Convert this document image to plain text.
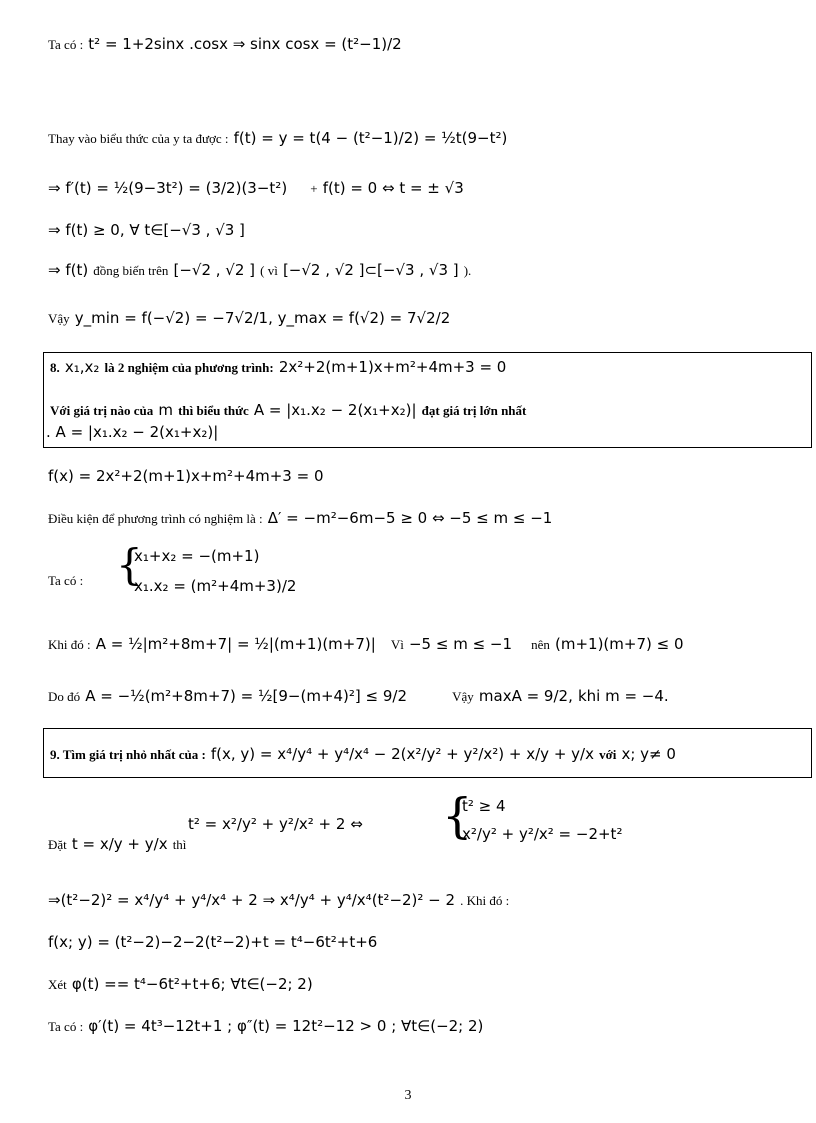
Ta có : t² = 1+2sinx .cosx ⇒ sinx cosx = (t²−1)/2
Thay vào biểu thức của y ta được : f(t) = y = t(4 − (t²−1)/2) = ½t(9−t²)
⇒ f′(t) = ½(9−3t²) = (3/2)(3−t²) + f(t) = 0 ⇔ t = ± √3
⇒ f(t) ≥ 0, ∀ t∈[−√3 , √3 ]
⇒ f(t) đồng biến trên [−√2 , √2 ] ( vì [−√2 , √2 ]⊂[−√3 , √3 ] ).
Vậy y_min = f(−√2) = −7√2/1, y_max = f(√2) = 7√2/2
8. x₁,x₂ là 2 nghiệm của phương trình: 2x²+2(m+1)x+m²+4m+3 = 0
Với giá trị nào của m thì biểu thức A = |x₁.x₂ − 2(x₁+x₂)| đạt giá trị lớn nhất
. A = |x₁.x₂ − 2(x₁+x₂)|
f(x) = 2x²+2(m+1)x+m²+4m+3 = 0
Điều kiện để phương trình có nghiệm là : Δ′ = −m²−6m−5 ≥ 0 ⇔ −5 ≤ m ≤ −1
Ta có : {
x₁+x₂ = −(m+1)
x₁.x₂ = (m²+4m+3)/2
Khi đó : A = ½|m²+8m+7| = ½|(m+1)(m+7)| Vì −5 ≤ m ≤ −1 nên (m+1)(m+7) ≤ 0
Do đó A = −½(m²+8m+7) = ½[9−(m+4)²] ≤ 9/2	Vậy maxA = 9/2, khi m = −4.
9. Tìm giá trị nhỏ nhất của : f(x, y) = x⁴/y⁴ + y⁴/x⁴ − 2(x²/y² + y²/x²) + x/y + y/x với x; y≠ 0
Đặt t = x/y + y/x thì
t² = x²/y² + y²/x² + 2 ⇔ {
t² ≥ 4
x²/y² + y²/x² = −2+t²
⇒(t²−2)² = x⁴/y⁴ + y⁴/x⁴ + 2 ⇒ x⁴/y⁴ + y⁴/x⁴(t²−2)² − 2 . Khi đó :
f(x; y) = (t²−2)−2−2(t²−2)+t = t⁴−6t²+t+6
Xét φ(t) == t⁴−6t²+t+6; ∀t∈(−2; 2)
Ta có : φ′(t) = 4t³−12t+1 ; φ″(t) = 12t²−12 > 0 ; ∀t∈(−2; 2)
3
